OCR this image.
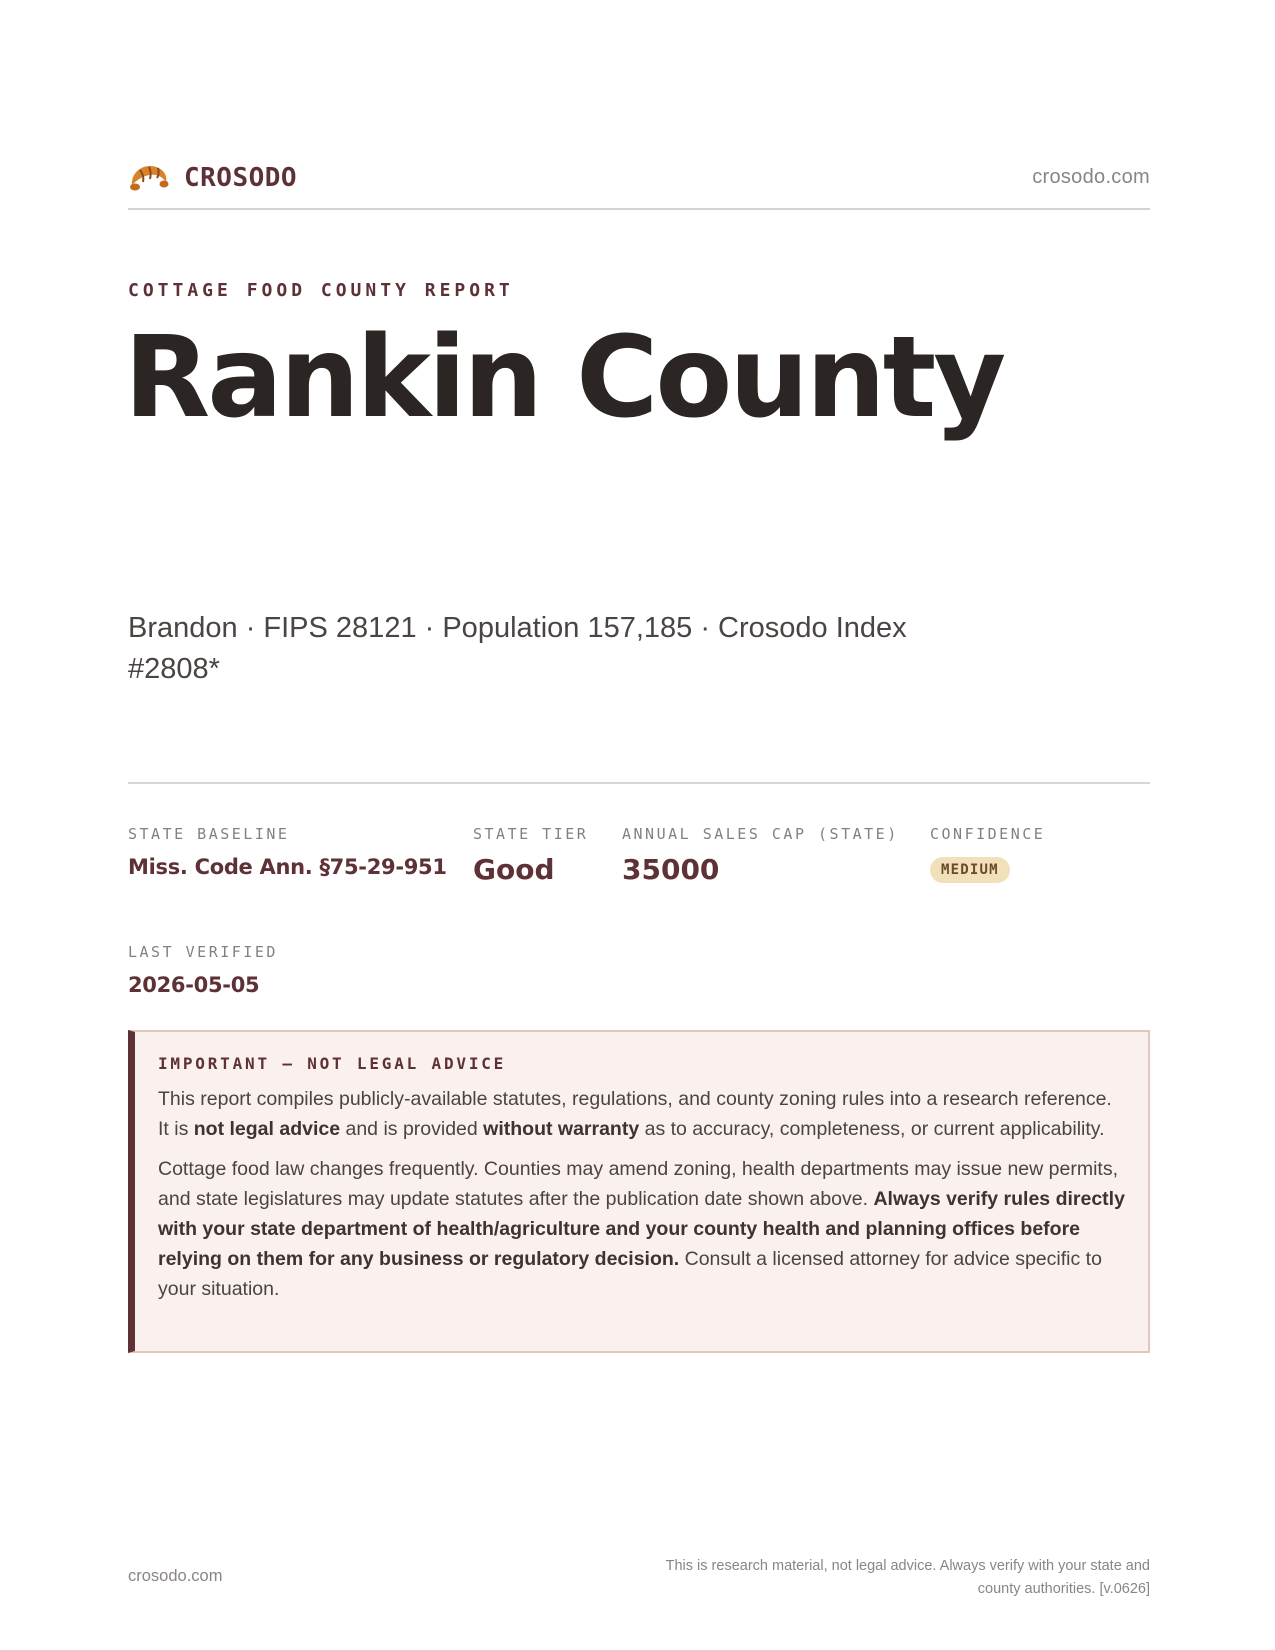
CROSODO	crosodo.com
COTTAGE FOOD COUNTY REPORT
Rankin County
Brandon · FIPS 28121 · Population 157,185 · Crosodo Index #2808*
STATE BASELINE
Miss. Code Ann. §75-29-951
STATE TIER
Good
ANNUAL SALES CAP (STATE)
35000
CONFIDENCE
MEDIUM
LAST VERIFIED
2026-05-05
IMPORTANT — NOT LEGAL ADVICE

This report compiles publicly-available statutes, regulations, and county zoning rules into a research reference. It is not legal advice and is provided without warranty as to accuracy, completeness, or current applicability.

Cottage food law changes frequently. Counties may amend zoning, health departments may issue new permits, and state legislatures may update statutes after the publication date shown above. Always verify rules directly with your state department of health/agriculture and your county health and planning offices before relying on them for any business or regulatory decision. Consult a licensed attorney for advice specific to your situation.

crosodo.com
This is research material, not legal advice. Always verify with your state and county authorities. [v.0626]
